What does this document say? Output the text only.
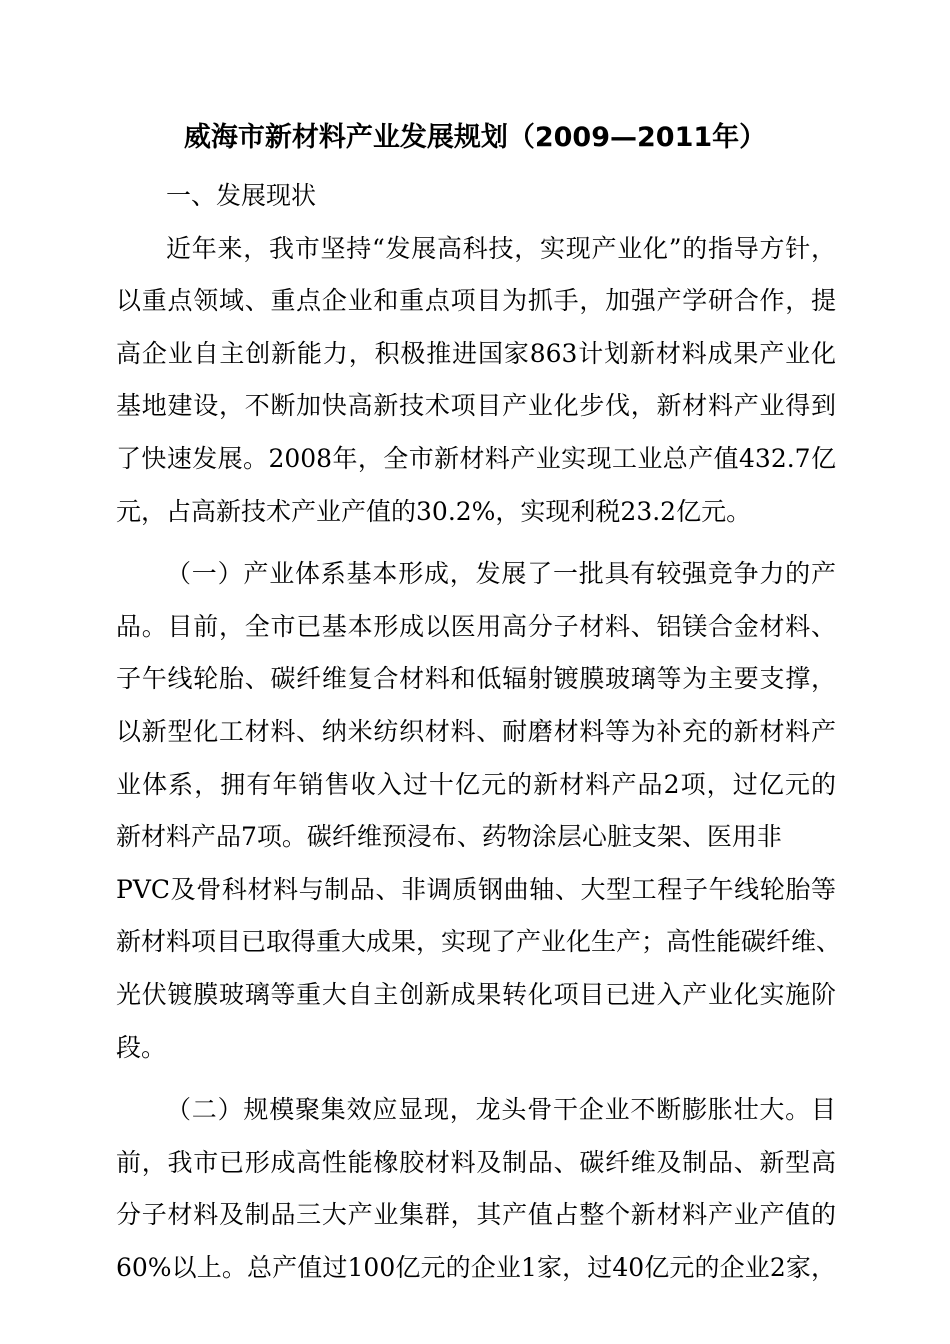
威海市新材料产业发展规划（2009—2011年）
一、发展现状
近年来，我市坚持“发展高科技，实现产业化”的指导方针，
以重点领域、重点企业和重点项目为抓手，加强产学研合作，提
高企业自主创新能力，积极推进国家863计划新材料成果产业化
基地建设，不断加快高新技术项目产业化步伐，新材料产业得到
了快速发展。2008年，全市新材料产业实现工业总产值432.7亿
元，占高新技术产业产值的30.2%，实现利税23.2亿元。
（一）产业体系基本形成，发展了一批具有较强竞争力的产
品。目前，全市已基本形成以医用高分子材料、铝镁合金材料、
子午线轮胎、碳纤维复合材料和低辐射镀膜玻璃等为主要支撑，
以新型化工材料、纳米纺织材料、耐磨材料等为补充的新材料产
业体系，拥有年销售收入过十亿元的新材料产品2项，过亿元的
新材料产品7项。碳纤维预浸布、药物涂层心脏支架、医用非
PVC及骨科材料与制品、非调质钢曲轴、大型工程子午线轮胎等
新材料项目已取得重大成果，实现了产业化生产；高性能碳纤维、
光伏镀膜玻璃等重大自主创新成果转化项目已进入产业化实施阶
段。
（二）规模聚集效应显现，龙头骨干企业不断膨胀壮大。目
前，我市已形成高性能橡胶材料及制品、碳纤维及制品、新型高
分子材料及制品三大产业集群，其产值占整个新材料产业产值的
60%以上。总产值过100亿元的企业1家，过40亿元的企业2家，
